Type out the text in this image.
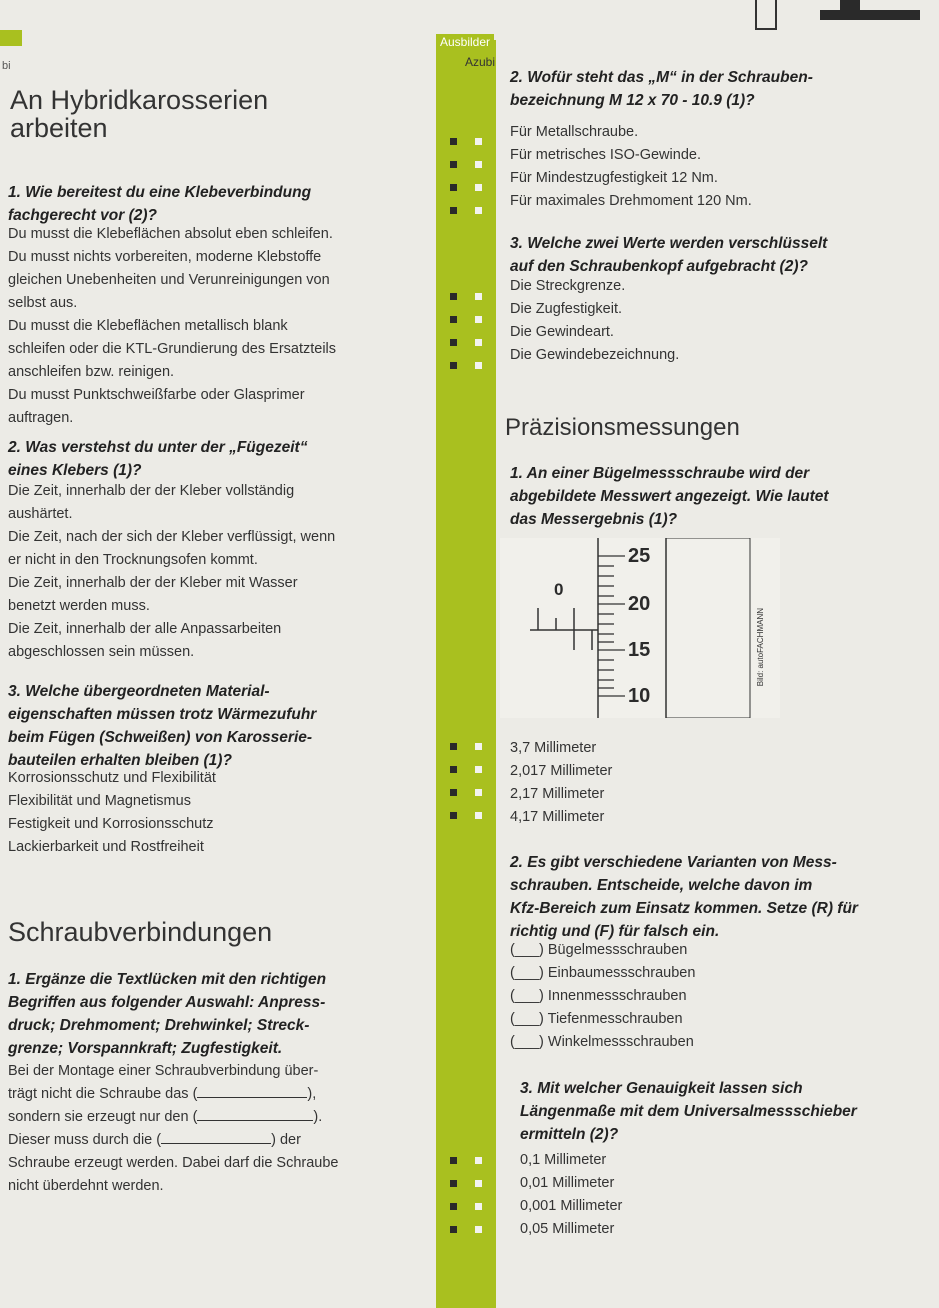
bi
Ausbilder
Azubi
An Hybridkarosserien
arbeiten
1. Wie bereitest du eine Klebeverbindung
fachgerecht vor (2)?
Du musst die Klebeflächen absolut eben schleifen.
Du musst nichts vorbereiten, moderne Klebstoffe
gleichen Unebenheiten und Verunreinigungen von
selbst aus.
Du musst die Klebeflächen metallisch blank
schleifen oder die KTL-Grundierung des Ersatzteils
anschleifen bzw. reinigen.
Du musst Punktschweißfarbe oder Glasprimer
auftragen.
2. Was verstehst du unter der „Fügezeit“
eines Klebers (1)?
Die Zeit, innerhalb der der Kleber vollständig
aushärtet.
Die Zeit, nach der sich der Kleber verflüssigt, wenn
er nicht in den Trocknungsofen kommt.
Die Zeit, innerhalb der der Kleber mit Wasser
benetzt werden muss.
Die Zeit, innerhalb der alle Anpassarbeiten
abgeschlossen sein müssen.
3. Welche übergeordneten Material-
eigenschaften müssen trotz Wärmezufuhr
beim Fügen (Schweißen) von Karosserie-
bauteilen erhalten bleiben (1)?
Korrosionsschutz und Flexibilität
Flexibilität und Magnetismus
Festigkeit und Korrosionsschutz
Lackierbarkeit und Rostfreiheit
Schraubverbindungen
1. Ergänze die Textlücken mit den richtigen
Begriffen aus folgender Auswahl: Anpress-
druck; Drehmoment; Drehwinkel; Streck-
grenze; Vorspannkraft; Zugfestigkeit.
Bei der Montage einer Schraubverbindung über-
trägt nicht die Schraube das (	),
sondern sie erzeugt nur den (	).
Dieser muss durch die (	) der
Schraube erzeugt werden. Dabei darf die Schraube
nicht überdehnt werden.
2. Wofür steht das „M“ in der Schrauben-
bezeichnung M 12 x 70 - 10.9 (1)?
Für Metallschraube.
Für metrisches ISO-Gewinde.
Für Mindestzugfestigkeit 12 Nm.
Für maximales Drehmoment 120 Nm.
3. Welche zwei Werte werden verschlüsselt
auf den Schraubenkopf aufgebracht (2)?
Die Streckgrenze.
Die Zugfestigkeit.
Die Gewindeart.
Die Gewindebezeichnung.
Präzisionsmessungen
1. An einer Bügelmessschraube wird der
abgebildete Messwert angezeigt. Wie lautet
das Messergebnis (1)?
25
20
15
10
0
Bild: autoFACHMANN
3,7 Millimeter
2,017 Millimeter
2,17 Millimeter
4,17 Millimeter
2. Es gibt verschiedene Varianten von Mess-
schrauben. Entscheide, welche davon im
Kfz-Bereich zum Einsatz kommen. Setze (R) für
richtig und (F) für falsch ein.
(___) Bügelmessschrauben
(___) Einbaumessschrauben
(___) Innenmessschrauben
(___) Tiefenmesschrauben
(___) Winkelmessschrauben
3. Mit welcher Genauigkeit lassen sich
Längenmaße mit dem Universalmessschieber
ermitteln (2)?
0,1 Millimeter
0,01 Millimeter
0,001 Millimeter
0,05 Millimeter
